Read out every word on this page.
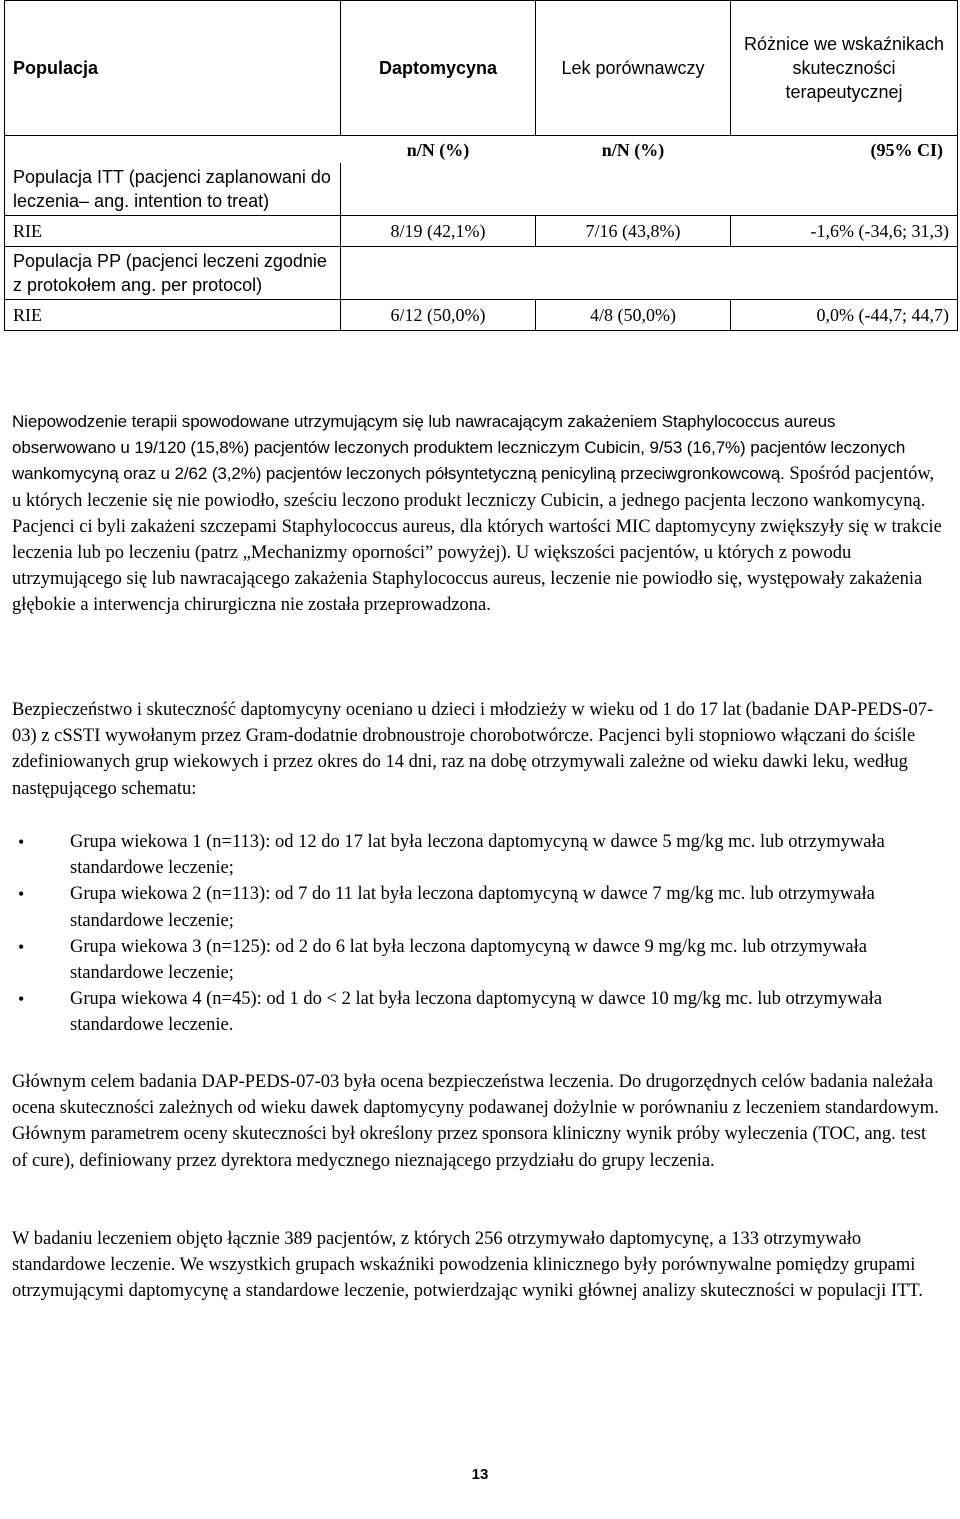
Populacja	Daptomycyna	Lek porównawczy	Różnice we wskaźnikach skuteczności terapeutycznej
	n/N (%)	n/N (%)	(95% CI)
Populacja ITT (pacjenci zaplanowani do leczenia– ang. intention to treat)			
RIE	8/19 (42,1%)	7/16 (43,8%)	-1,6% (-34,6; 31,3)
Populacja PP (pacjenci leczeni zgodnie z protokołem ang. per protocol)			
RIE	6/12 (50,0%)	4/8 (50,0%)	0,0% (-44,7; 44,7)

Niepowodzenie terapii spowodowane utrzymującym się lub nawracającym zakażeniem Staphylococcus aureus obserwowano u 19/120 (15,8%) pacjentów leczonych produktem leczniczym Cubicin, 9/53 (16,7%) pacjentów leczonych wankomycyną oraz u 2/62 (3,2%) pacjentów leczonych półsyntetyczną penicyliną przeciwgronkowcową. Spośród pacjentów, u których leczenie się nie powiodło, sześciu leczono produkt leczniczy Cubicin, a jednego pacjenta leczono wankomycyną. Pacjenci ci byli zakażeni szczepami Staphylococcus aureus, dla których wartości MIC daptomycyny zwiększyły się w trakcie leczenia lub po leczeniu (patrz „Mechanizmy oporności” powyżej). U większości pacjentów, u których z powodu utrzymującego się lub nawracającego zakażenia Staphylococcus aureus, leczenie nie powiodło się, występowały zakażenia głębokie a interwencja chirurgiczna nie została przeprowadzona.

Bezpieczeństwo i skuteczność daptomycyny oceniano u dzieci i młodzieży w wieku od 1 do 17 lat (badanie DAP-PEDS-07-03) z cSSTI wywołanym przez Gram-dodatnie drobnoustroje chorobotwórcze. Pacjenci byli stopniowo włączani do ściśle zdefiniowanych grup wiekowych i przez okres do 14 dni, raz na dobę otrzymywali zależne od wieku dawki leku, według następującego schematu:

• Grupa wiekowa 1 (n=113): od 12 do 17 lat była leczona daptomycyną w dawce 5 mg/kg mc. lub otrzymywała standardowe leczenie;
• Grupa wiekowa 2 (n=113): od 7 do 11 lat była leczona daptomycyną w dawce 7 mg/kg mc. lub otrzymywała standardowe leczenie;
• Grupa wiekowa 3 (n=125): od 2 do 6 lat była leczona daptomycyną w dawce 9 mg/kg mc. lub otrzymywała standardowe leczenie;
• Grupa wiekowa 4 (n=45): od 1 do < 2 lat była leczona daptomycyną w dawce 10 mg/kg mc. lub otrzymywała standardowe leczenie.

Głównym celem badania DAP-PEDS-07-03 była ocena bezpieczeństwa leczenia. Do drugorzędnych celów badania należała ocena skuteczności zależnych od wieku dawek daptomycyny podawanej dożylnie w porównaniu z leczeniem standardowym. Głównym parametrem oceny skuteczności był określony przez sponsora kliniczny wynik próby wyleczenia (TOC, ang. test of cure), definiowany przez dyrektora medycznego nieznającego przydziału do grupy leczenia.

W badaniu leczeniem objęto łącznie 389 pacjentów, z których 256 otrzymywało daptomycynę, a 133 otrzymywało standardowe leczenie. We wszystkich grupach wskaźniki powodzenia klinicznego były porównywalne pomiędzy grupami otrzymującymi daptomycynę a standardowe leczenie, potwierdzając wyniki głównej analizy skuteczności w populacji ITT.

13
